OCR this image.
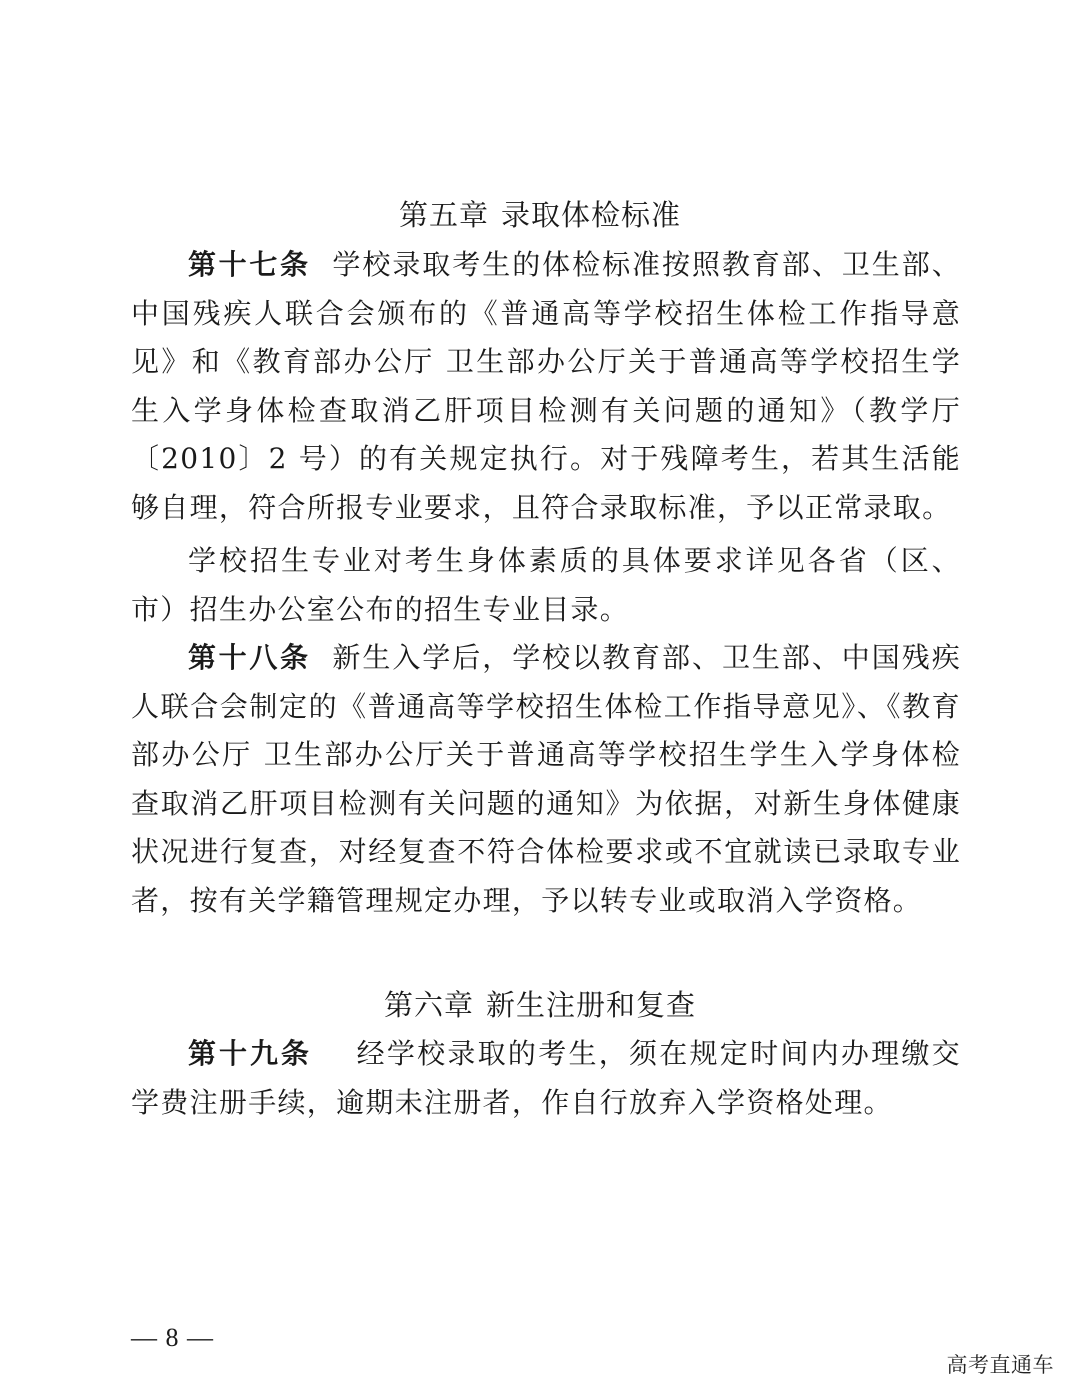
第五章 录取体检标准

第十七条 学校录取考生的体检标准按照教育部、卫生部、中国残疾人联合会颁布的《普通高等学校招生体检工作指导意见》和《教育部办公厅 卫生部办公厅关于普通高等学校招生学生入学身体检查取消乙肝项目检测有关问题的通知》（教学厅〔2010〕2 号）的有关规定执行。对于残障考生，若其生活能够自理，符合所报专业要求，且符合录取标准，予以正常录取。

学校招生专业对考生身体素质的具体要求详见各省（区、市）招生办公室公布的招生专业目录。

第十八条 新生入学后，学校以教育部、卫生部、中国残疾人联合会制定的《普通高等学校招生体检工作指导意见》、《教育部办公厅 卫生部办公厅关于普通高等学校招生学生入学身体检查取消乙肝项目检测有关问题的通知》为依据，对新生身体健康状况进行复查，对经复查不符合体检要求或不宜就读已录取专业者，按有关学籍管理规定办理，予以转专业或取消入学资格。

第六章 新生注册和复查

第十九条 经学校录取的考生，须在规定时间内办理缴交学费注册手续，逾期未注册者，作自行放弃入学资格处理。

— 8 —
高考直通车
